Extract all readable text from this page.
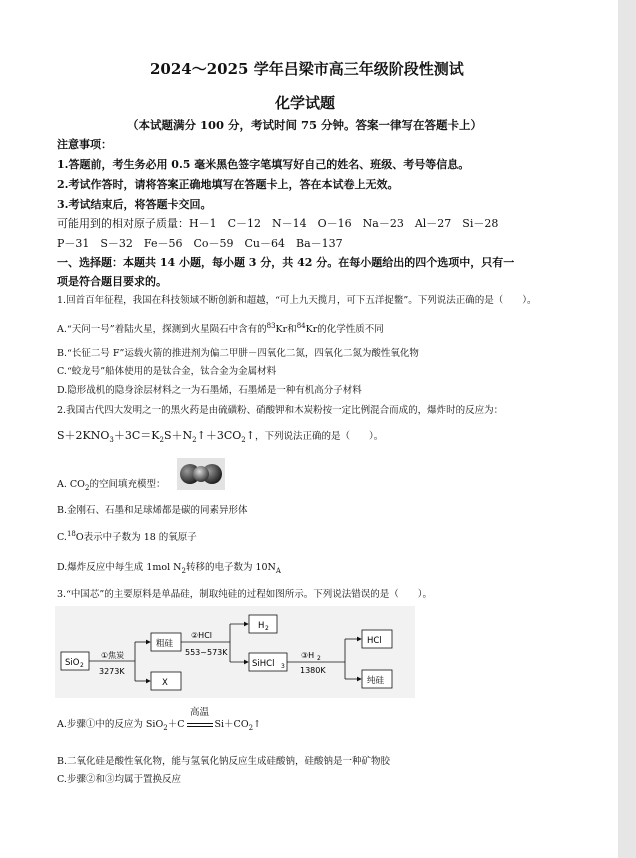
2024～2025 学年吕梁市高三年级阶段性测试
化学试题
（本试题满分 100 分，考试时间 75 分钟。答案一律写在答题卡上）
注意事项：
1.答题前，考生务必用 0.5 毫米黑色签字笔填写好自己的姓名、班级、考号等信息。
2.考试作答时，请将答案正确地填写在答题卡上，答在本试卷上无效。
3.考试结束后，将答题卡交回。
可能用到的相对原子质量：H－1　C－12　N－14　O－16　Na－23　Al－27　Si－28
P－31　S－32　Fe－56　Co－59　Cu－64　Ba－137
一、选择题：本题共 14 小题，每小题 3 分，共 42 分。在每小题给出的四个选项中，只有一
项是符合题目要求的。
1.回首百年征程，我国在科技领域不断创新和超越，“可上九天揽月，可下五洋捉鳖”。下列说法正确的是（　　）。
A.“天问一号”着陆火星，探测到火星陨石中含有的$^{83}$Kr和$^{84}$Kr的化学性质不同
B.“长征二号 F”运载火箭的推进剂为偏二甲肼－四氧化二氮，四氧化二氮为酸性氧化物
C.“蛟龙号”船体使用的是钛合金，钛合金为金属材料
D.隐形战机的隐身涂层材料之一为石墨烯，石墨烯是一种有机高分子材料
2.我国古代四大发明之一的黑火药是由硫磺粉、硝酸钾和木炭粉按一定比例混合而成的，爆炸时的反应为：
$S+2KNO_3+3C=K_2S+N_2↑+3CO_2↑$，下列说法正确的是（　　）。
A. $CO_2$的空间填充模型：
B.金刚石、石墨和足球烯都是碳的同素异形体
C.$^{18}$O表示中子数为 18 的氧原子
D.爆炸反应中每生成 1mol $N_2$转移的电子数为 $10N_A$
3.“中国芯”的主要原料是单晶硅，制取纯硅的过程如图所示。下列说法错误的是（　　）。
SiO 2
①焦炭
3273K
粗硅
X
②HCl
553~573K
H 2
SiHCl 3
③H 2
1380K
HCl
纯硅
A.步骤①中的反应为 SiO$_2$＋C
高温
$Si+CO_2↑$
B.二氧化硅是酸性氧化物，能与氢氧化钠反应生成硅酸钠，硅酸钠是一种矿物胶
C.步骤②和③均属于置换反应
